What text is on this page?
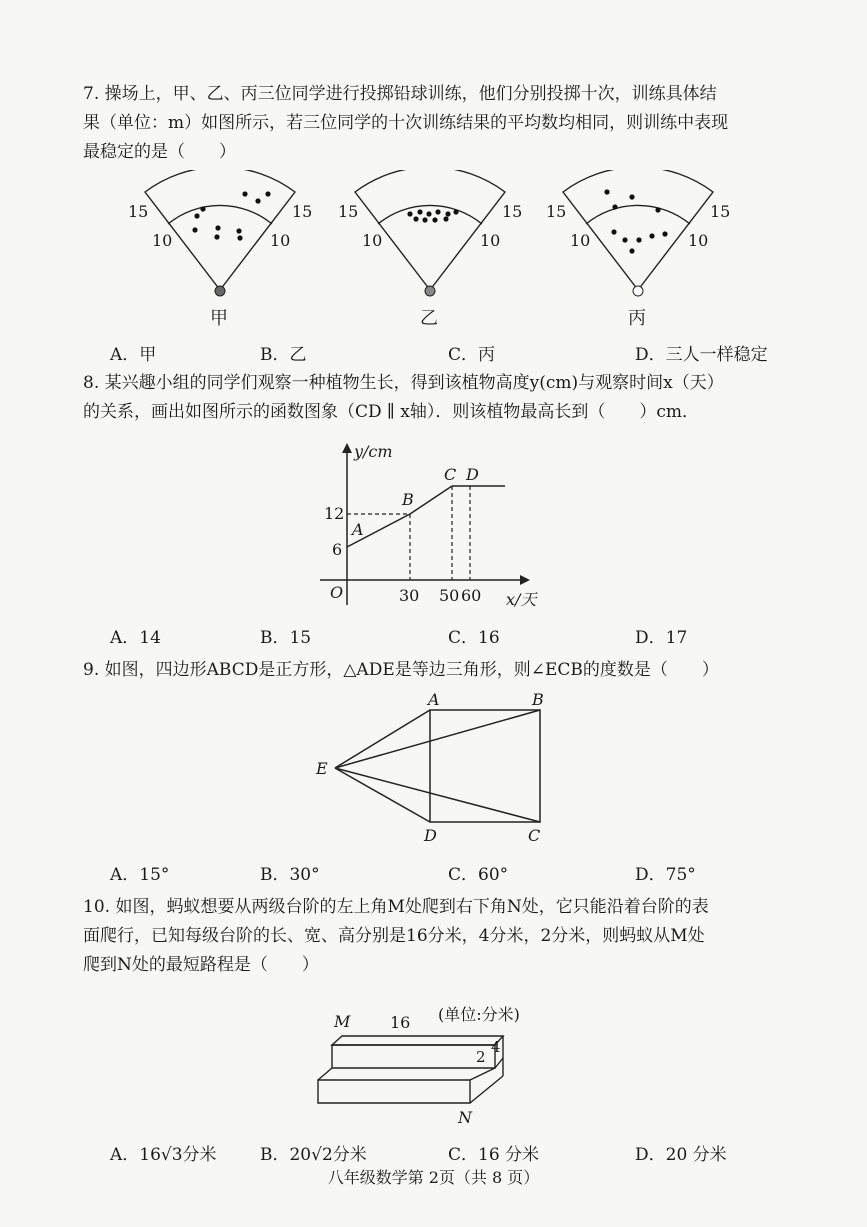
7. 操场上，甲、乙、丙三位同学进行投掷铅球训练，他们分别投掷十次，训练具体结
果（单位：m）如图所示，若三位同学的十次训练结果的平均数均相同，则训练中表现
最稳定的是（　　）
15	15
10	10
甲
15	15
10	10
乙
15	15
10	10
丙
A．甲	B．乙	C．丙	D．三人一样稳定
8. 某兴趣小组的同学们观察一种植物生长，得到该植物高度y(cm)与观察时间x（天）
的关系，画出如图所示的函数图象（CD ∥ x轴）．则该植物最高长到（　　）cm．
y/cm
x/天
O
12
6
30 50 60
A
B
C D
A．14	B．15	C．16	D．17
9. 如图，四边形ABCD是正方形，△ADE是等边三角形，则∠ECB的度数是（　　）
A	B
C
D
E
A．15°	B．30°	C．60°	D．75°
10. 如图，蚂蚁想要从两级台阶的左上角M处爬到右下角N处，它只能沿着台阶的表
面爬行，已知每级台阶的长、宽、高分别是16分米，4分米，2分米，则蚂蚁从M处
爬到N处的最短路程是（　　）
M 16 (单位:分米)
2
4
N
A．16√3分米	B．20√2分米	C．16 分米	D．20 分米
八年级数学第 2页（共 8 页）
